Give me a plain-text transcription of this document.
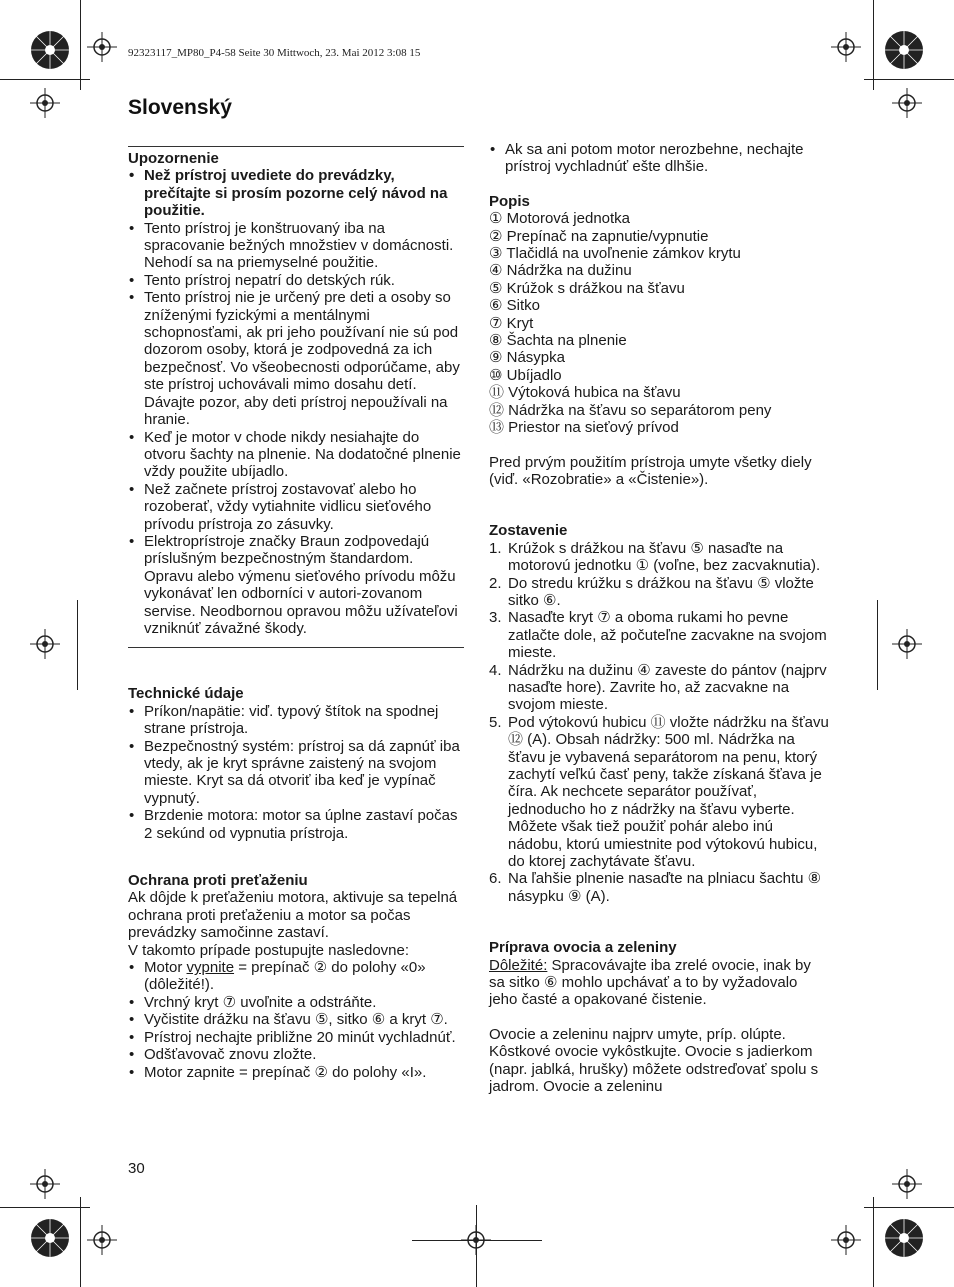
92323117_MP80_P4-58 Seite 30 Mittwoch, 23. Mai 2012 3:08 15
Slovenský

Upozornenie

• Než prístroj uvediete do prevádzky, prečítajte si prosím pozorne celý návod na použitie.
• Tento prístroj je konštruovaný iba na spracovanie bežných množstiev v domácnosti. Nehodí sa na priemyselné použitie.
• Tento prístroj nepatrí do detských rúk.
• Tento prístroj nie je určený pre deti a osoby so zníženými fyzickými a mentálnymi schopnosťami, ak pri jeho používaní nie sú pod dozorom osoby, ktorá je zodpovedná za ich bezpečnosť. Vo všeobecnosti odporúčame, aby ste prístroj uchovávali mimo dosahu detí. Dávajte pozor, aby deti prístroj nepoužívali na hranie.
• Keď je motor v chode nikdy nesiahajte do otvoru šachty na plnenie. Na dodatočné plnenie vždy použite ubíjadlo.
• Než začnete prístroj zostavovať alebo ho rozoberať, vždy vytiahnite vidlicu sieťového prívodu prístroja zo zásuvky.
• Elektroprístroje značky Braun zodpovedajú príslušným bezpečnostným štandardom. Opravu alebo výmenu sieťového prívodu môžu vykonávať len odborníci v autori-zovanom servise. Neodbornou opravou môžu užívateľovi vzniknúť závažné škody.

Technické údaje

• Príkon/napätie: viď. typový štítok na spodnej strane prístroja.
• Bezpečnostný systém: prístroj sa dá zapnúť iba vtedy, ak je kryt správne zaistený na svojom mieste. Kryt sa dá otvoriť iba keď je vypínač vypnutý.
• Brzdenie motora: motor sa úplne zastaví počas 2 sekúnd od vypnutia prístroja.

Ochrana proti preťaženiu

Ak dôjde k preťaženiu motora, aktivuje sa tepelná ochrana proti preťaženiu a motor sa počas prevádzky samočinne zastaví.

V takomto prípade postupujte nasledovne:

• Motor vypnite = prepínač ② do polohy «0» (dôležité!).
• Vrchný kryt ⑦ uvoľnite a odstráňte.
• Vyčistite drážku na šťavu ⑤, sitko ⑥ a kryt ⑦.
• Prístroj nechajte približne 20 minút vychladnúť.
• Odšťavovač znovu zložte.
• Motor zapnite = prepínač ② do polohy «I».
• Ak sa ani potom motor nerozbehne, nechajte prístroj vychladnúť ešte dlhšie.

Popis

① Motorová jednotka
② Prepínač na zapnutie/vypnutie
③ Tlačidlá na uvoľnenie zámkov krytu
④ Nádržka na dužinu
⑤ Krúžok s drážkou na šťavu
⑥ Sitko
⑦ Kryt
⑧ Šachta na plnenie
⑨ Násypka
⑩ Ubíjadlo
⑪ Výtoková hubica na šťavu
⑫ Nádržka na šťavu so separátorom peny
⑬ Priestor na sieťový prívod

Pred prvým použitím prístroja umyte všetky diely (viď. «Rozobratie» a «Čistenie»).

Zostavenie

1. Krúžok s drážkou na šťavu ⑤ nasaďte na motorovú jednotku ① (voľne, bez zacvaknutia).
2. Do stredu krúžku s drážkou na šťavu ⑤ vložte sitko ⑥.
3. Nasaďte kryt ⑦ a oboma rukami ho pevne zatlačte dole, až počuteľne zacvakne na svojom mieste.
4. Nádržku na dužinu ④ zaveste do pántov (najprv nasaďte hore). Zavrite ho, až zacvakne na svojom mieste.
5. Pod výtokovú hubicu ⑪ vložte nádržku na šťavu ⑫ (A). Obsah nádržky: 500 ml. Nádržka na šťavu je vybavená separátorom na penu, ktorý zachytí veľkú časť peny, takže získaná šťava je číra. Ak nechcete separátor používať, jednoducho ho z nádržky na šťavu vyberte. Môžete však tiež použiť pohár alebo inú nádobu, ktorú umiestnite pod výtokovú hubicu, do ktorej zachytávate šťavu.
6. Na ľahšie plnenie nasaďte na plniacu šachtu ⑧ násypku ⑨ (A).

Príprava ovocia a zeleniny

Dôležité: Spracovávajte iba zrelé ovocie, inak by sa sitko ⑥ mohlo upchávať a to by vyžadovalo jeho časté a opakované čistenie.

Ovocie a zeleninu najprv umyte, príp. olúpte. Kôstkové ovocie vykôstkujte. Ovocie s jadierkom (napr. jablká, hrušky) môžete odstreďovať spolu s jadrom. Ovocie a zeleninu

30
